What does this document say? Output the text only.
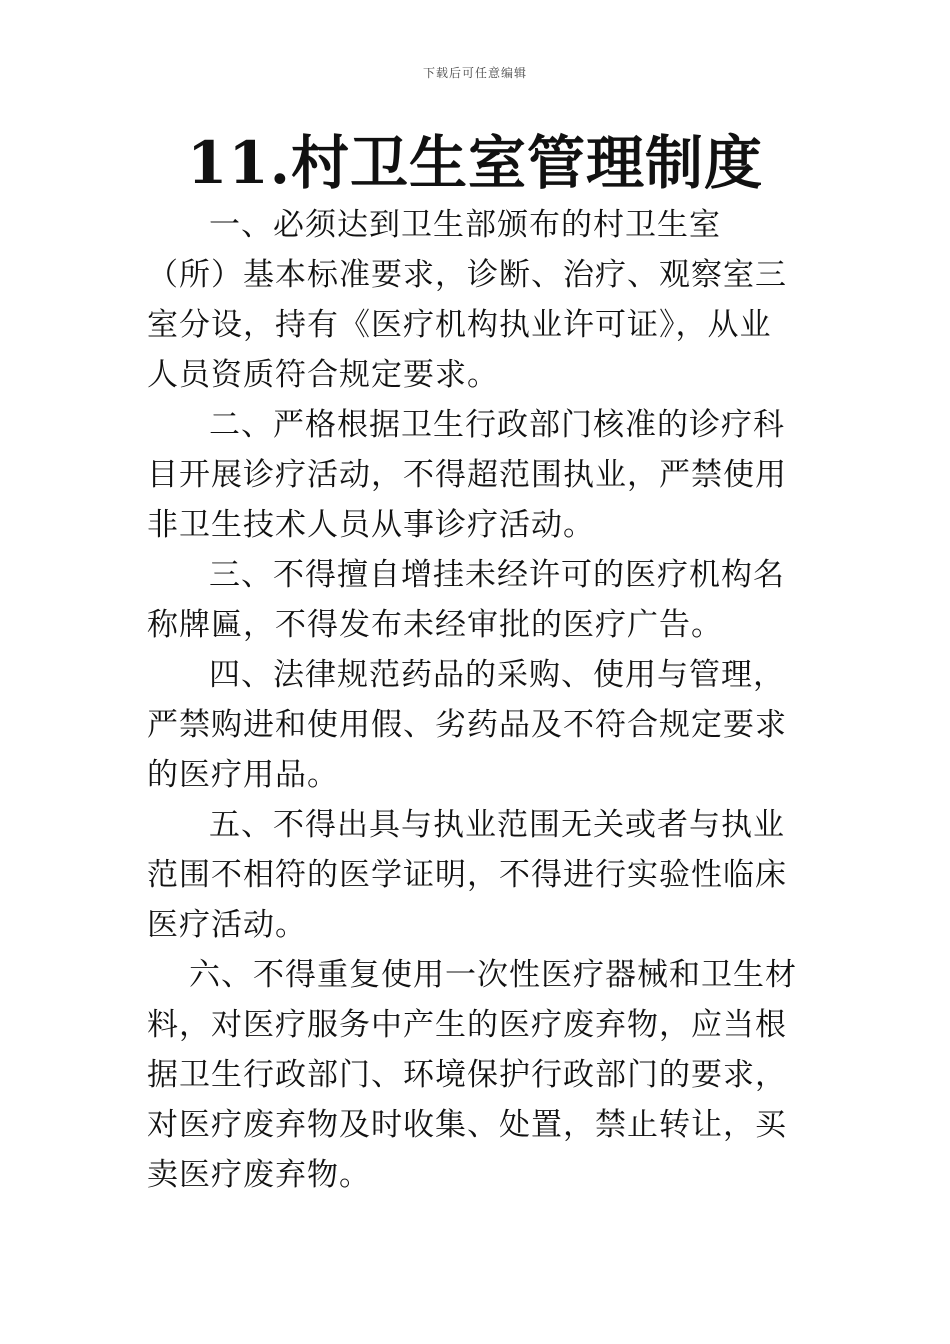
下载后可任意编辑
11.村卫生室管理制度

一、必须达到卫生部颁布的村卫生室（所）基本标准要求，诊断、治疗、观察室三室分设，持有《医疗机构执业许可证》，从业人员资质符合规定要求。

二、严格根据卫生行政部门核准的诊疗科目开展诊疗活动，不得超范围执业，严禁使用非卫生技术人员从事诊疗活动。

三、不得擅自增挂未经许可的医疗机构名称牌匾，不得发布未经审批的医疗广告。

四、法律规范药品的采购、使用与管理，严禁购进和使用假、劣药品及不符合规定要求的医疗用品。

五、不得出具与执业范围无关或者与执业范围不相符的医学证明，不得进行实验性临床医疗活动。

六、不得重复使用一次性医疗器械和卫生材料，对医疗服务中产生的医疗废弃物，应当根据卫生行政部门、环境保护行政部门的要求，对医疗废弃物及时收集、处置，禁止转让，买卖医疗废弃物。
